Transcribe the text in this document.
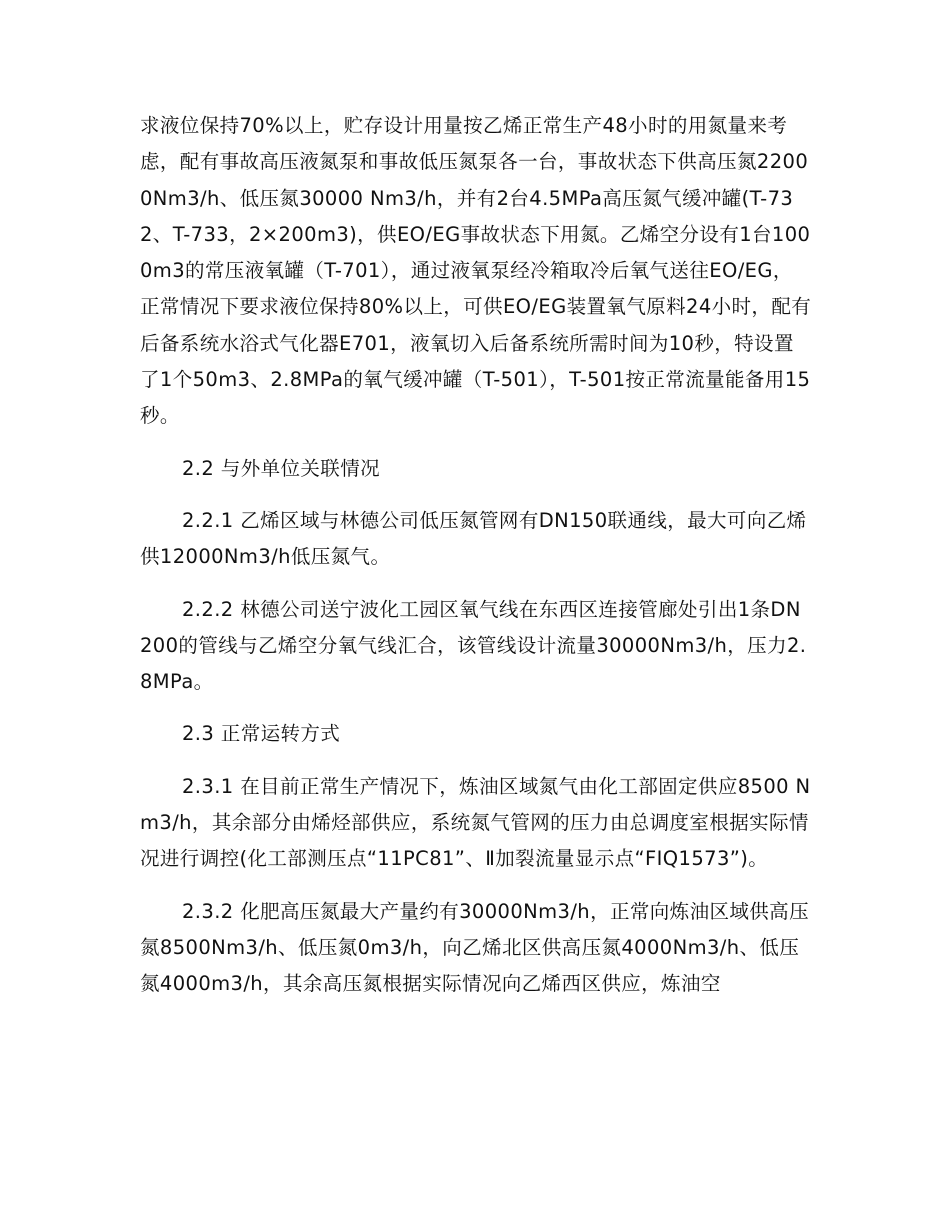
求液位保持70%以上，贮存设计用量按乙烯正常生产48小时的用氮量来考虑，配有事故高压液氮泵和事故低压氮泵各一台，事故状态下供高压氮22000Nm3/h、低压氮30000 Nm3/h，并有2台4.5MPa高压氮气缓冲罐(T-732、T-733，2×200m3)，供EO/EG事故状态下用氮。乙烯空分设有1台1000m3的常压液氧罐（T-701），通过液氧泵经冷箱取冷后氧气送往EO/EG，正常情况下要求液位保持80%以上，可供EO/EG装置氧气原料24小时，配有后备系统水浴式气化器E701，液氧切入后备系统所需时间为10秒，特设置了1个50m3、2.8MPa的氧气缓冲罐（T-501），T-501按正常流量能备用15秒。

2.2 与外单位关联情况

2.2.1 乙烯区域与林德公司低压氮管网有DN150联通线，最大可向乙烯供12000Nm3/h低压氮气。

2.2.2 林德公司送宁波化工园区氧气线在东西区连接管廊处引出1条DN200的管线与乙烯空分氧气线汇合，该管线设计流量30000Nm3/h，压力2.8MPa。

2.3 正常运转方式

2.3.1 在目前正常生产情况下，炼油区域氮气由化工部固定供应8500 Nm3/h，其余部分由烯烃部供应，系统氮气管网的压力由总调度室根据实际情况进行调控(化工部测压点“11PC81”、Ⅱ加裂流量显示点“FIQ1573”)。

2.3.2 化肥高压氮最大产量约有30000Nm3/h，正常向炼油区域供高压氮8500Nm3/h、低压氮0m3/h，向乙烯北区供高压氮4000Nm3/h、低压氮4000m3/h，其余高压氮根据实际情况向乙烯西区供应，炼油空
